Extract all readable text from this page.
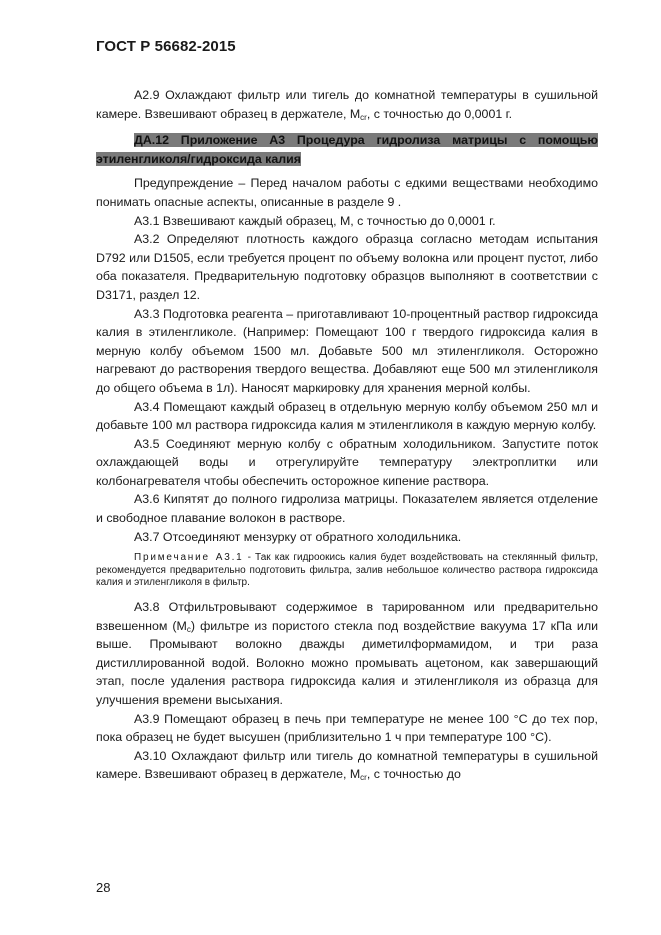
ГОСТ Р 56682-2015

А2.9 Охлаждают фильтр или тигель до комнатной температуры в сушильной камере. Взвешивают образец в держателе, $М_{cr}$, с точностью до 0,0001 г.

ДА.12 Приложение А3 Процедура гидролиза матрицы с помощью этиленгликоля/гидроксида калия

Предупреждение – Перед началом работы с едкими веществами необходимо понимать опасные аспекты, описанные в разделе 9 .

А3.1 Взвешивают каждый образец, М, с точностью до 0,0001 г.

А3.2 Определяют плотность каждого образца согласно методам испытания D792 или D1505, если требуется процент по объему волокна или процент пустот, либо оба показателя. Предварительную подготовку образцов выполняют в соответствии с D3171, раздел 12.

А3.3 Подготовка реагента – приготавливают 10-процентный раствор гидроксида калия в этиленгликоле. (Например: Помещают 100 г твердого гидроксида калия в мерную колбу объемом 1500 мл. Добавьте 500 мл этиленгликоля. Осторожно нагревают до растворения твердого вещества. Добавляют еще 500 мл этиленгликоля до общего объема в 1л). Наносят маркировку для хранения мерной колбы.

А3.4 Помещают каждый образец в отдельную мерную колбу объемом 250 мл и добавьте 100 мл раствора гидроксида калия м этиленгликоля в каждую мерную колбу.

А3.5 Соединяют мерную колбу с обратным холодильником. Запустите поток охлаждающей воды и отрегулируйте температуру электроплитки или колбонагревателя чтобы обеспечить осторожное кипение раствора.

А3.6 Кипятят до полного гидролиза матрицы. Показателем является отделение и свободное плавание волокон в растворе.

А3.7 Отсоединяют мензурку от обратного холодильника.

Примечание А3.1 - Так как гидроокись калия будет воздействовать на стеклянный фильтр, рекомендуется предварительно подготовить фильтра, залив небольшое количество раствора гидроксида калия и этиленгликоля в фильтр.

А3.8 Отфильтровывают содержимое в тарированном или предварительно взвешенном $(М_с)$ фильтре из пористого стекла под воздействие вакуума 17 кПа или выше. Промывают волокно дважды диметилформамидом, и три раза дистиллированной водой. Волокно можно промывать ацетоном, как завершающий этап, после удаления раствора гидроксида калия и этиленгликоля из образца для улучшения времени высыхания.

А3.9 Помещают образец в печь при температуре не менее 100 °С до тех пор, пока образец не будет высушен (приблизительно 1 ч при температуре 100 °С).

А3.10 Охлаждают фильтр или тигель до комнатной температуры в сушильной камере. Взвешивают образец в держателе, $М_{cr}$, с точностью до

28
